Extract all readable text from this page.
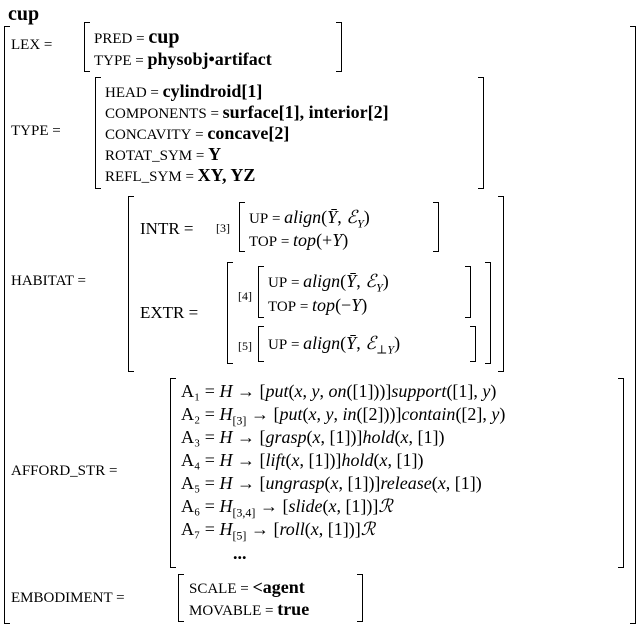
cup
LEX =	PRED = cup
TYPE = physobj•artifact
TYPE =
HEAD = cylindroid[1]
COMPONENTS = surface[1], interior[2]
CONCAVITY = concave[2]
ROTAT_SYM = Y
REFL_SYM = XY, YZ
HABITAT =
INTR = [3]
UP = align(Ȳ, ℰ$_Y$)
TOP = top(+Y)
EXTR =
[4]
UP = align(Ȳ, ℰ$_Y$)
TOP = top(−Y)
[5] UP = align(Ȳ, ℰ$_{\perp Y}$)
AFFORD_STR =
A₁ = H → [put(x, y, on([1]))]support([1], y)
$A_2 = H_{[3]} \to [put(x$, y, in([2]))]contain([2], y)
A₃ = H → [grasp(x, [1])]hold(x, [1])
A₄ = H → [lift(x, [1])]hold(x, [1])
A₅ = H → [ungrasp(x, [1])]release(x, [1])
$A_6 = H_{[3,4]}$ → [slide(x, [1])]ℛ
$A_7 = H_{[5]}$ → [roll(x, [1])]ℛ
...
EMBODIMENT =
SCALE = <agent
MOVABLE = true
